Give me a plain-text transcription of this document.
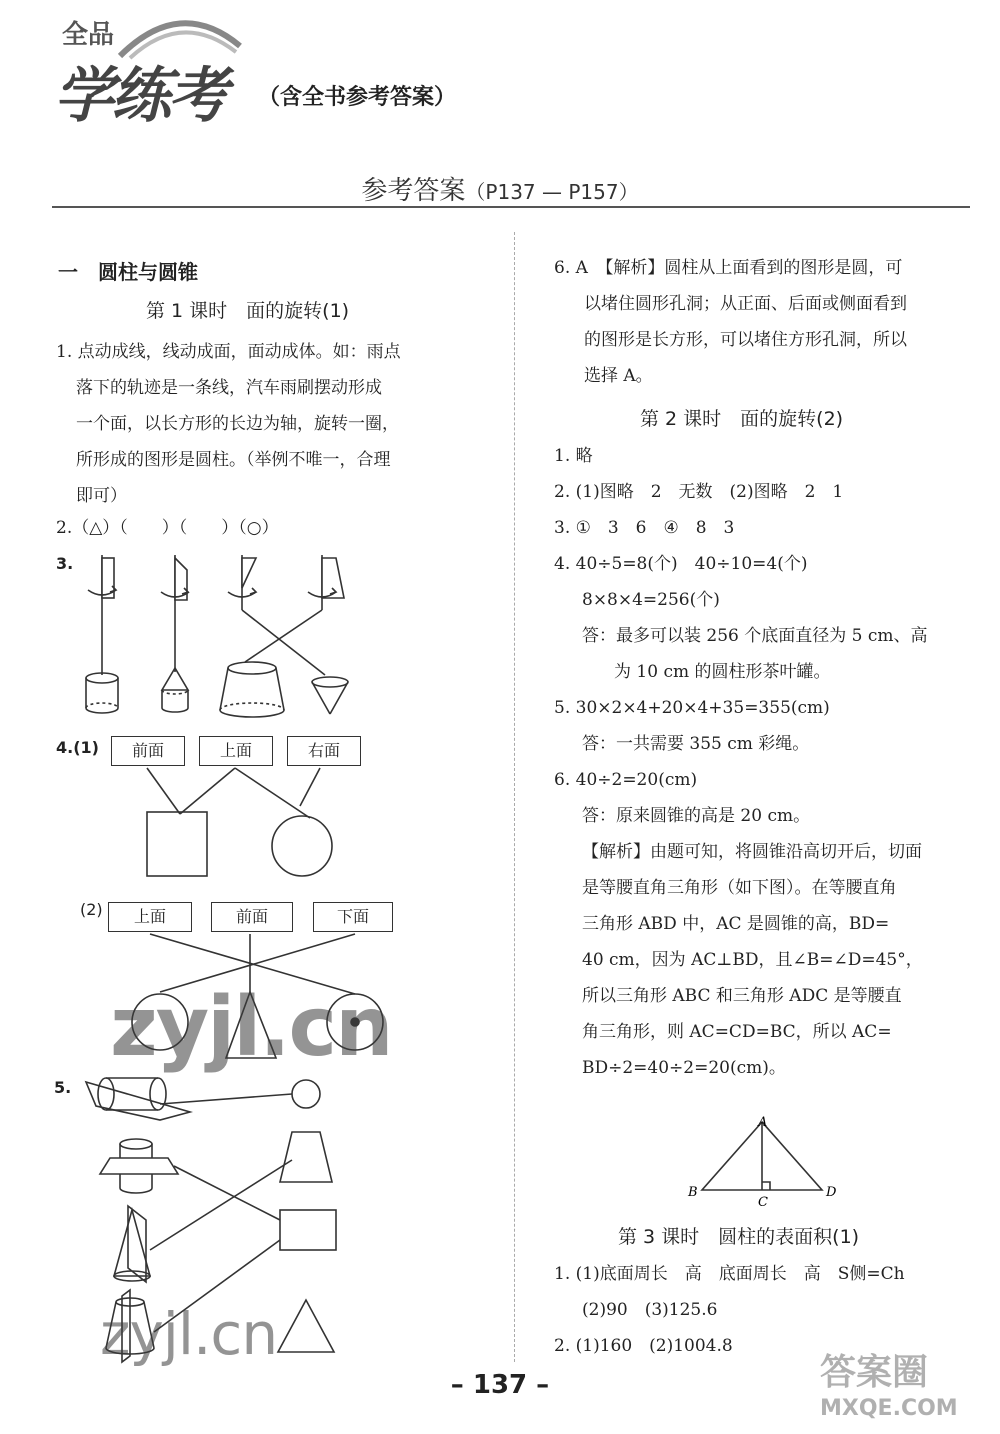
全品
学练考 （含全书参考答案）
参考答案（P137 — P157）
一　圆柱与圆锥
第 1 课时　面的旋转(1)
1. 点动成线，线动成面，面动成体。如：雨点
落下的轨迹是一条线，汽车雨刷摆动形成
一个面，以长方形的长边为轴，旋转一圈，
所形成的图形是圆柱。（举例不唯一，合理
即可）
2.（△）（　　）（　　）（○）
3.
4.(1)	前面	上面	右面
(2)	上面	前面	下面
5.
zyjl.cn
zyjl.cn
6. A　【解析】圆柱从上面看到的图形是圆，可
以堵住圆形孔洞；从正面、后面或侧面看到
的图形是长方形，可以堵住方形孔洞，所以
选择 A。
第 2 课时　面的旋转(2)
1. 略
2. (1)图略　2　无数　(2)图略　2　1
3. ①　3　6　④　8　3
4. 40÷5=8(个)　40÷10=4(个)
8×8×4=256(个)
答：最多可以装 256 个底面直径为 5 cm、高
为 10 cm 的圆柱形茶叶罐。
5. 30×2×4+20×4+35=355(cm)
答：一共需要 355 cm 彩绳。
6. 40÷2=20(cm)
答：原来圆锥的高是 20 cm。
【解析】由题可知，将圆锥沿高切开后，切面
是等腰直角三角形（如下图）。在等腰直角
三角形 ABD 中，AC 是圆锥的高，BD=
40 cm，因为 AC⊥BD，且∠B=∠D=45°，
所以三角形 ABC 和三角形 ADC 是等腰直
角三角形，则 AC=CD=BC，所以 AC=
BD÷2=40÷2=20(cm)。
A
B
C
D
第 3 课时　圆柱的表面积(1)
1. (1)底面周长　高　底面周长　高　S侧=Ch
(2)90　(3)125.6
2. (1)160　(2)1004.8
答案圈
MXQE.COM
– 137 –
